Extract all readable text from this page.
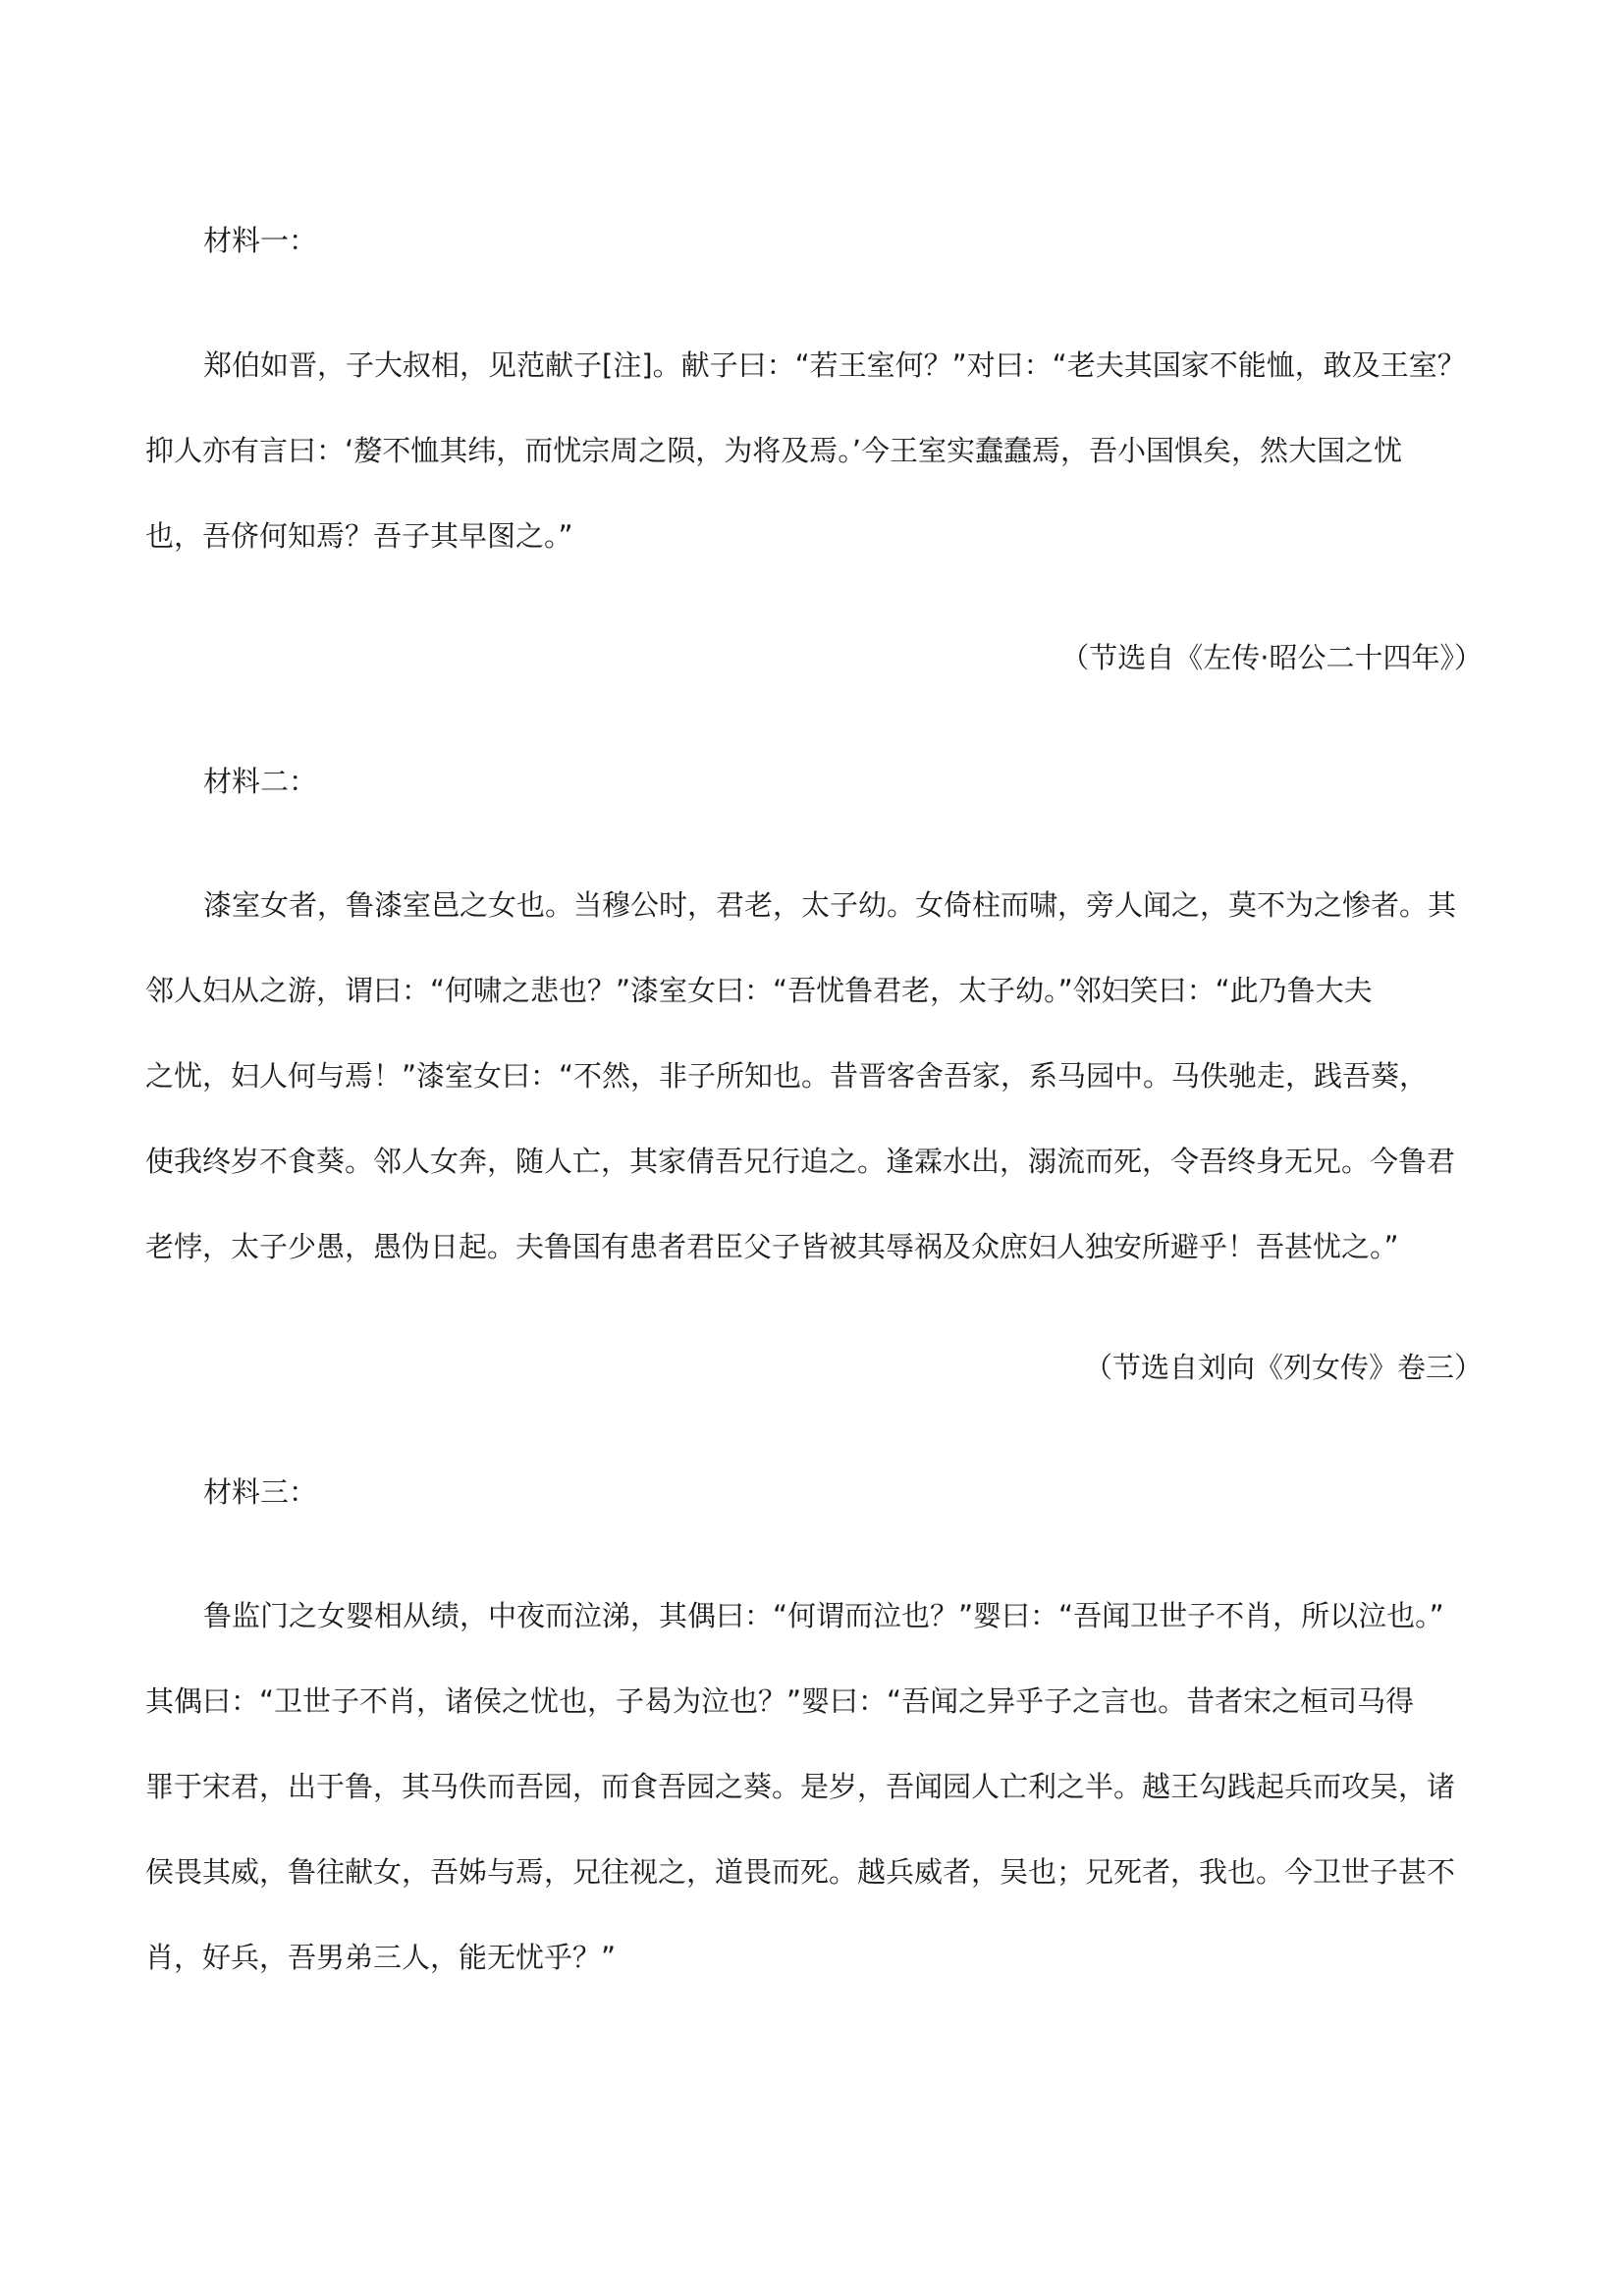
材料一：
郑伯如晋，子大叔相，见范献子[注]。献子曰：“若王室何？”对曰：“老夫其国家不能恤，敢及王室？
抑人亦有言曰：‘嫠不恤其纬，而忧宗周之陨，为将及焉。’今王室实蠢蠢焉，吾小国惧矣，然大国之忧
也，吾侪何知焉？吾子其早图之。”
（节选自《左传·昭公二十四年》）
材料二：
漆室女者，鲁漆室邑之女也。当穆公时，君老，太子幼。女倚柱而啸，旁人闻之，莫不为之惨者。其
邻人妇从之游，谓曰：“何啸之悲也？”漆室女曰：“吾忧鲁君老，太子幼。”邻妇笑曰：“此乃鲁大夫
之忧，妇人何与焉！”漆室女曰：“不然，非子所知也。昔晋客舍吾家，系马园中。马佚驰走，践吾葵，
使我终岁不食葵。邻人女奔，随人亡，其家倩吾兄行追之。逢霖水出，溺流而死，令吾终身无兄。今鲁君
老悖，太子少愚，愚伪日起。夫鲁国有患者君臣父子皆被其辱祸及众庶妇人独安所避乎！吾甚忧之。”
（节选自刘向《列女传》卷三）
材料三：
鲁监门之女婴相从绩，中夜而泣涕，其偶曰：“何谓而泣也？”婴曰：“吾闻卫世子不肖，所以泣也。”
其偶曰：“卫世子不肖，诸侯之忧也，子曷为泣也？”婴曰：“吾闻之异乎子之言也。昔者宋之桓司马得
罪于宋君，出于鲁，其马佚而吾园，而食吾园之葵。是岁，吾闻园人亡利之半。越王勾践起兵而攻吴，诸
侯畏其威，鲁往献女，吾姊与焉，兄往视之，道畏而死。越兵威者，吴也；兄死者，我也。今卫世子甚不
肖，好兵，吾男弟三人，能无忧乎？”
